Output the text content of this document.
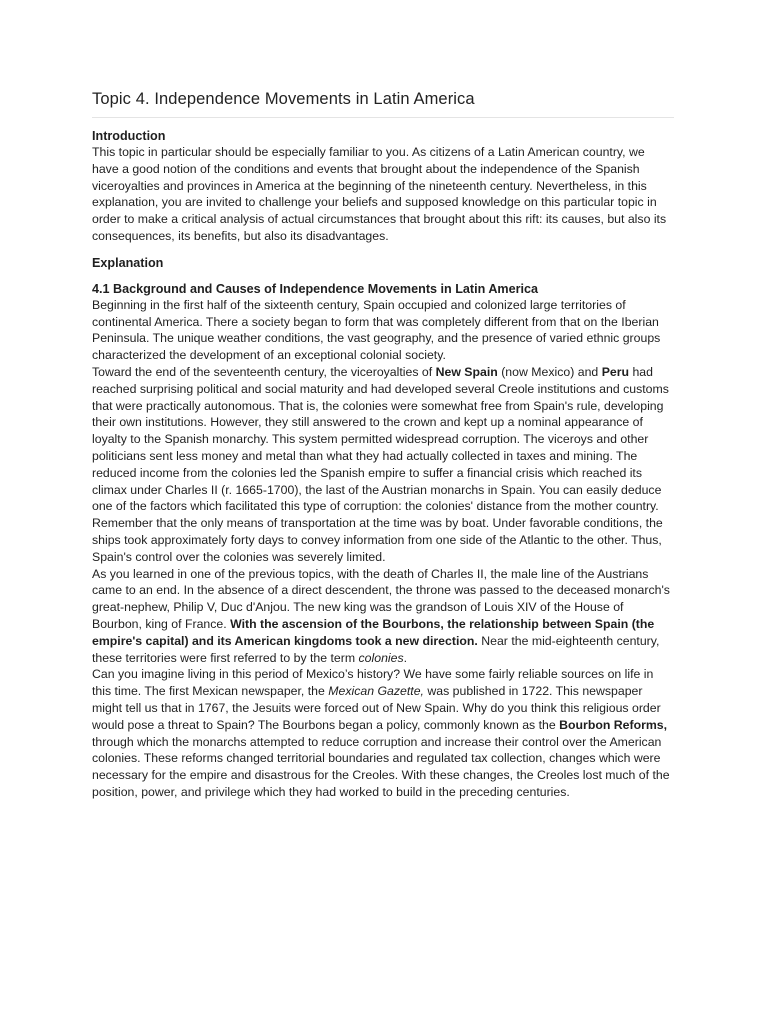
Topic 4. Independence Movements in Latin America
Introduction

This topic in particular should be especially familiar to you. As citizens of a Latin American country, we have a good notion of the conditions and events that brought about the independence of the Spanish viceroyalties and provinces in America at the beginning of the nineteenth century. Nevertheless, in this explanation, you are invited to challenge your beliefs and supposed knowledge on this particular topic in order to make a critical analysis of actual circumstances that brought about this rift: its causes, but also its consequences, its benefits, but also its disadvantages.

Explanation
4.1 Background and Causes of Independence Movements in Latin America

Beginning in the first half of the sixteenth century, Spain occupied and colonized large territories of continental America. There a society began to form that was completely different from that on the Iberian Peninsula. The unique weather conditions, the vast geography, and the presence of varied ethnic groups characterized the development of an exceptional colonial society.

Toward the end of the seventeenth century, the viceroyalties of New Spain (now Mexico) and Peru had reached surprising political and social maturity and had developed several Creole institutions and customs that were practically autonomous. That is, the colonies were somewhat free from Spain's rule, developing their own institutions. However, they still answered to the crown and kept up a nominal appearance of loyalty to the Spanish monarchy. This system permitted widespread corruption. The viceroys and other politicians sent less money and metal than what they had actually collected in taxes and mining. The reduced income from the colonies led the Spanish empire to suffer a financial crisis which reached its climax under Charles II (r. 1665-1700), the last of the Austrian monarchs in Spain. You can easily deduce one of the factors which facilitated this type of corruption: the colonies' distance from the mother country. Remember that the only means of transportation at the time was by boat. Under favorable conditions, the ships took approximately forty days to convey information from one side of the Atlantic to the other. Thus, Spain's control over the colonies was severely limited.

As you learned in one of the previous topics, with the death of Charles II, the male line of the Austrians came to an end. In the absence of a direct descendent, the throne was passed to the deceased monarch's great-nephew, Philip V, Duc d'Anjou. The new king was the grandson of Louis XIV of the House of Bourbon, king of France. With the ascension of the Bourbons, the relationship between Spain (the empire's capital) and its American kingdoms took a new direction. Near the mid-eighteenth century, these territories were first referred to by the term colonies.

Can you imagine living in this period of Mexico’s history? We have some fairly reliable sources on life in this time. The first Mexican newspaper, the Mexican Gazette, was published in 1722. This newspaper might tell us that in 1767, the Jesuits were forced out of New Spain. Why do you think this religious order would pose a threat to Spain? The Bourbons began a policy, commonly known as the Bourbon Reforms, through which the monarchs attempted to reduce corruption and increase their control over the American colonies. These reforms changed territorial boundaries and regulated tax collection, changes which were necessary for the empire and disastrous for the Creoles. With these changes, the Creoles lost much of the position, power, and privilege which they had worked to build in the preceding centuries.
